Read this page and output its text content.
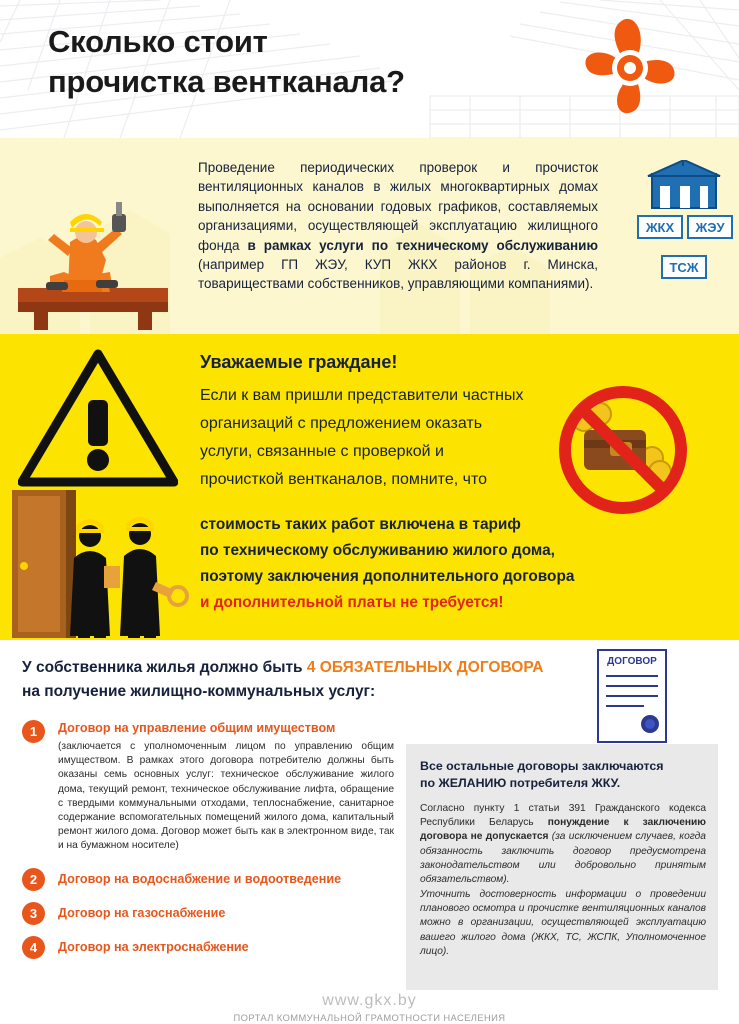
Сколько стоит
прочистка вентканала?
Проведение периодических проверок и прочисток вентиляционных каналов в жилых многоквартирных домах выполняется на основании годовых графиков, составляемых организациями, осуществляющей эксплуатацию жилищного фонда в рамках услуги по техническому обслуживанию (например ГП ЖЭУ, КУП ЖКХ районов г. Минска, товариществами собственников, управляющими компаниями).
ЖКХ ЖЭУ
ТСЖ
Уважаемые граждане!
Если к вам пришли представители частных организаций с предложением оказать услуги, связанные с проверкой и прочисткой вентканалов, помните, что
стоимость таких работ включена в тариф
по техническому обслуживанию жилого дома,
поэтому заключения дополнительного договора
и дополнительной платы не требуется!
У собственника жилья должно быть 4 ОБЯЗАТЕЛЬНЫХ ДОГОВОРА
на получение жилищно-коммунальных услуг:
ДОГОВОР
1	Договор на управление общим имуществом
(заключается с уполномоченным лицом по управлению общим имуществом. В рамках этого договора потребителю должны быть оказаны семь основных услуг: техническое обслуживание жилого дома, текущий ремонт, техническое обслуживание лифта, обращение с твердыми коммунальными отходами, теплоснабжение, санитарное содержание вспомогательных помещений жилого дома, капитальный ремонт жилого дома. Договор может быть как в электронном виде, так и на бумажном носителе)
2	Договор на водоснабжение и водоотведение
3	Договор на газоснабжение
4	Договор на электроснабжение
Все остальные договоры заключаются
по ЖЕЛАНИЮ потребителя ЖКУ.
Согласно пункту 1 статьи 391 Гражданского кодекса Республики Беларусь понуждение к заключению договора не допускается (за исключением случаев, когда обязанность заключить договор предусмотрена законодательством или добровольно принятым обязательством).
Уточнить достоверность информации о проведении планового осмотра и прочистке вентиляционных каналов можно в организации, осуществляющей эксплуатацию вашего жилого дома (ЖКХ, ТС, ЖСПК, Уполномоченное лицо).
www.gkx.by
ПОРТАЛ КОММУНАЛЬНОЙ ГРАМОТНОСТИ НАСЕЛЕНИЯ
